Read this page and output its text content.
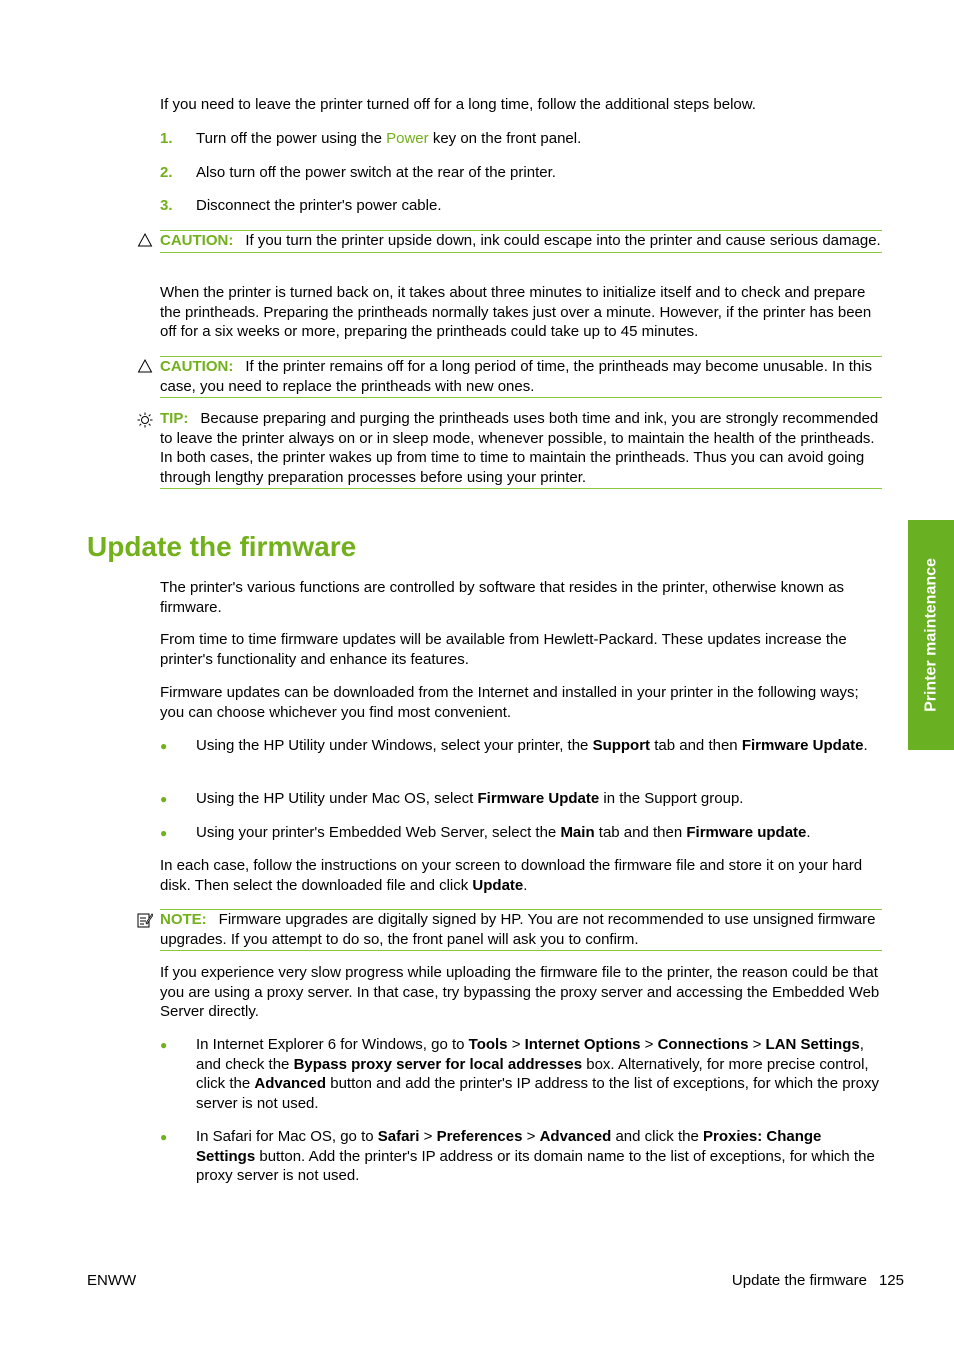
If you need to leave the printer turned off for a long time, follow the additional steps below.

1.	Turn off the power using the Power key on the front panel.
2.	Also turn off the power switch at the rear of the printer.
3.	Disconnect the printer's power cable.
CAUTION: If you turn the printer upside down, ink could escape into the printer and cause serious damage.

When the printer is turned back on, it takes about three minutes to initialize itself and to check and prepare the printheads. Preparing the printheads normally takes just over a minute. However, if the printer has been off for a six weeks or more, preparing the printheads could take up to 45 minutes.

CAUTION: If the printer remains off for a long period of time, the printheads may become unusable. In this case, you need to replace the printheads with new ones.
TIP: Because preparing and purging the printheads uses both time and ink, you are strongly recommended to leave the printer always on or in sleep mode, whenever possible, to maintain the health of the printheads. In both cases, the printer wakes up from time to time to maintain the printheads. Thus you can avoid going through lengthy preparation processes before using your printer.
Update the firmware

The printer's various functions are controlled by software that resides in the printer, otherwise known as firmware.

From time to time firmware updates will be available from Hewlett-Packard. These updates increase the printer's functionality and enhance its features.

Firmware updates can be downloaded from the Internet and installed in your printer in the following ways; you can choose whichever you find most convenient.

● Using the HP Utility under Windows, select your printer, the Support tab and then Firmware Update.
● Using the HP Utility under Mac OS, select Firmware Update in the Support group.
● Using your printer's Embedded Web Server, select the Main tab and then Firmware update.

In each case, follow the instructions on your screen to download the firmware file and store it on your hard disk. Then select the downloaded file and click Update.

NOTE: Firmware upgrades are digitally signed by HP. You are not recommended to use unsigned firmware upgrades. If you attempt to do so, the front panel will ask you to confirm.

If you experience very slow progress while uploading the firmware file to the printer, the reason could be that you are using a proxy server. In that case, try bypassing the proxy server and accessing the Embedded Web Server directly.

● In Internet Explorer 6 for Windows, go to Tools > Internet Options > Connections > LAN Settings, and check the Bypass proxy server for local addresses box. Alternatively, for more precise control, click the Advanced button and add the printer's IP address to the list of exceptions, for which the proxy server is not used.
● In Safari for Mac OS, go to Safari > Preferences > Advanced and click the Proxies: Change Settings button. Add the printer's IP address or its domain name to the list of exceptions, for which the proxy server is not used.
Printer maintenance
ENWW	Update the firmware 125
